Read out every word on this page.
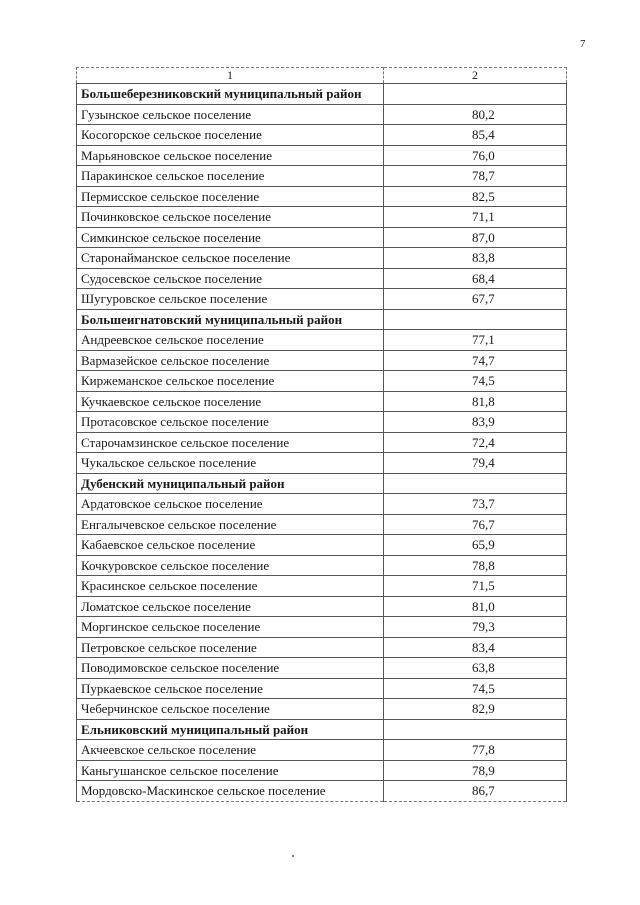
7
1	2
Большеберезниковский муниципальный район	
Гузынское сельское поселение	80,2
Косогорское сельское поселение	85,4
Марьяновское сельское поселение	76,0
Паракинское сельское поселение	78,7
Пермисское сельское поселение	82,5
Починковское сельское поселение	71,1
Симкинское сельское поселение	87,0
Старонайманское сельское поселение	83,8
Судосевское сельское поселение	68,4
Шугуровское сельское поселение	67,7
Большеигнатовский муниципальный район	
Андреевское сельское поселение	77,1
Вармазейское сельское поселение	74,7
Киржеманское сельское поселение	74,5
Кучкаевское сельское поселение	81,8
Протасовское сельское поселение	83,9
Старочамзинское сельское поселение	72,4
Чукальское сельское поселение	79,4
Дубенский муниципальный район	
Ардатовское сельское поселение	73,7
Енгалычевское сельское поселение	76,7
Кабаевское сельское поселение	65,9
Кочкуровское сельское поселение	78,8
Красинское сельское поселение	71,5
Ломатское сельское поселение	81,0
Моргинское сельское поселение	79,3
Петровское сельское поселение	83,4
Поводимовское сельское поселение	63,8
Пуркаевское сельское поселение	74,5
Чеберчинское сельское поселение	82,9
Ельниковский муниципальный район	
Акчеевское сельское поселение	77,8
Каньгушанское сельское поселение	78,9
Мордовско-Маскинское сельское поселение	86,7
